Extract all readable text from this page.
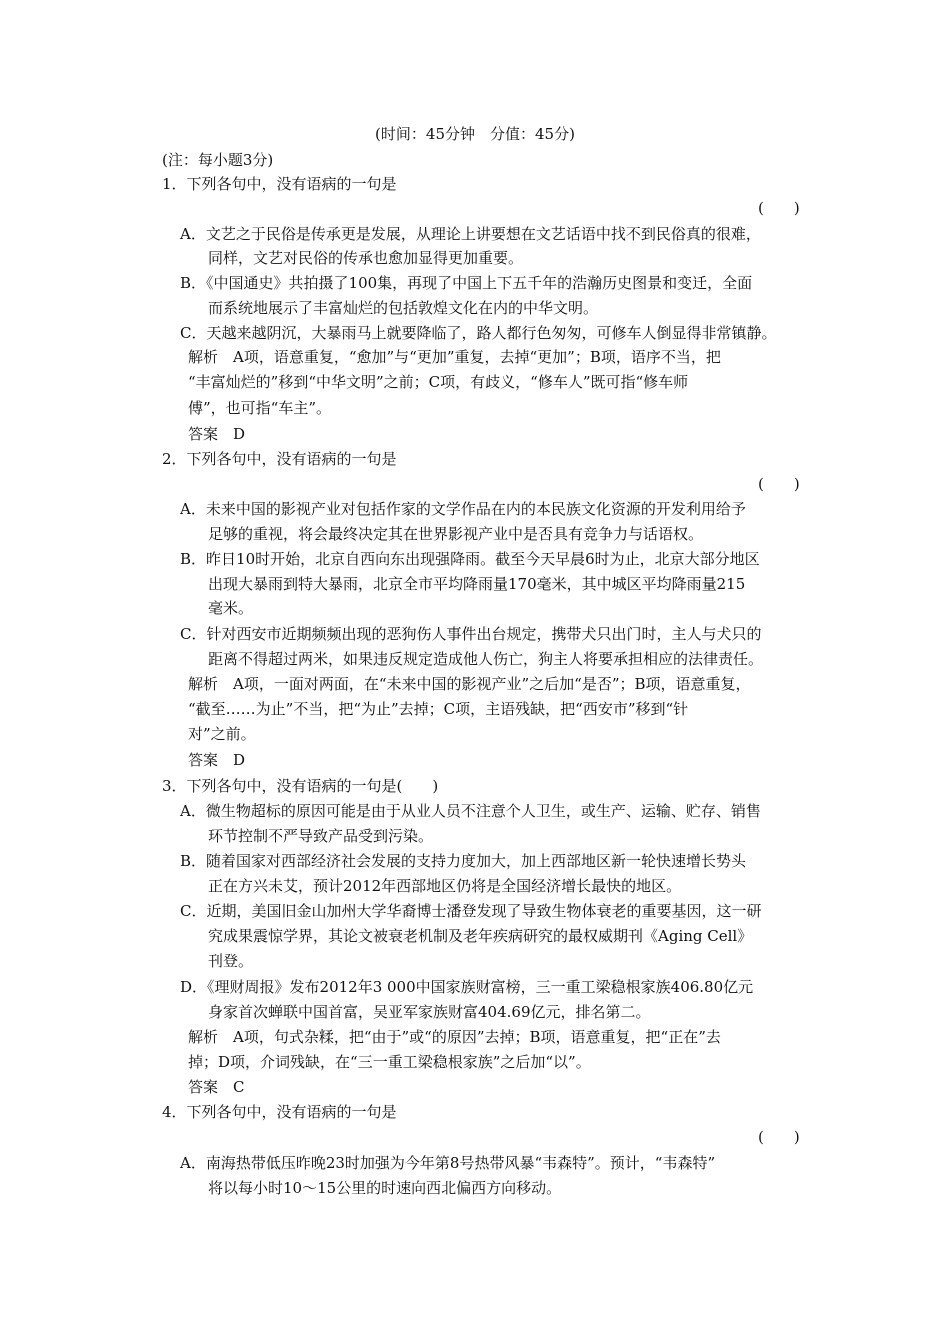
(时间：45分钟　分值：45分)
(注：每小题3分)
1．下列各句中，没有语病的一句是
(　　)
A．文艺之于民俗是传承更是发展，从理论上讲要想在文艺话语中找不到民俗真的很难，
同样，文艺对民俗的传承也愈加显得更加重要。
B．《中国通史》共拍摄了100集，再现了中国上下五千年的浩瀚历史图景和变迁，全面
而系统地展示了丰富灿烂的包括敦煌文化在内的中华文明。
C．天越来越阴沉，大暴雨马上就要降临了，路人都行色匆匆，可修车人倒显得非常镇静。
解析　A项，语意重复，“愈加”与“更加”重复，去掉“更加”；B项，语序不当，把
“丰富灿烂的”移到“中华文明”之前；C项，有歧义，“修车人”既可指“修车师
傅”，也可指“车主”。
答案　D
2．下列各句中，没有语病的一句是
(　　)
A．未来中国的影视产业对包括作家的文学作品在内的本民族文化资源的开发利用给予
足够的重视，将会最终决定其在世界影视产业中是否具有竞争力与话语权。
B．昨日10时开始，北京自西向东出现强降雨。截至今天早晨6时为止，北京大部分地区
出现大暴雨到特大暴雨，北京全市平均降雨量170毫米，其中城区平均降雨量215
毫米。
C．针对西安市近期频频出现的恶狗伤人事件出台规定，携带犬只出门时，主人与犬只的
距离不得超过两米，如果违反规定造成他人伤亡，狗主人将要承担相应的法律责任。
解析　A项，一面对两面，在“未来中国的影视产业”之后加“是否”；B项，语意重复，
“截至……为止”不当，把“为止”去掉；C项，主语残缺，把“西安市”移到“针
对”之前。
答案　D
3．下列各句中，没有语病的一句是(　　)
A．微生物超标的原因可能是由于从业人员不注意个人卫生，或生产、运输、贮存、销售
环节控制不严导致产品受到污染。
B．随着国家对西部经济社会发展的支持力度加大，加上西部地区新一轮快速增长势头
正在方兴未艾，预计2012年西部地区仍将是全国经济增长最快的地区。
C．近期，美国旧金山加州大学华裔博士潘登发现了导致生物体衰老的重要基因，这一研
究成果震惊学界，其论文被衰老机制及老年疾病研究的最权威期刊《Aging Cell》
刊登。
D．《理财周报》发布2012年3 000中国家族财富榜，三一重工梁稳根家族406.80亿元
身家首次蝉联中国首富，吴亚军家族财富404.69亿元，排名第二。
解析　A项，句式杂糅，把“由于”或“的原因”去掉；B项，语意重复，把“正在”去
掉；D项，介词残缺，在“三一重工梁稳根家族”之后加“以”。
答案　C
4．下列各句中，没有语病的一句是
(　　)
A．南海热带低压昨晚23时加强为今年第8号热带风暴“韦森特”。预计，“韦森特”
将以每小时10～15公里的时速向西北偏西方向移动。
